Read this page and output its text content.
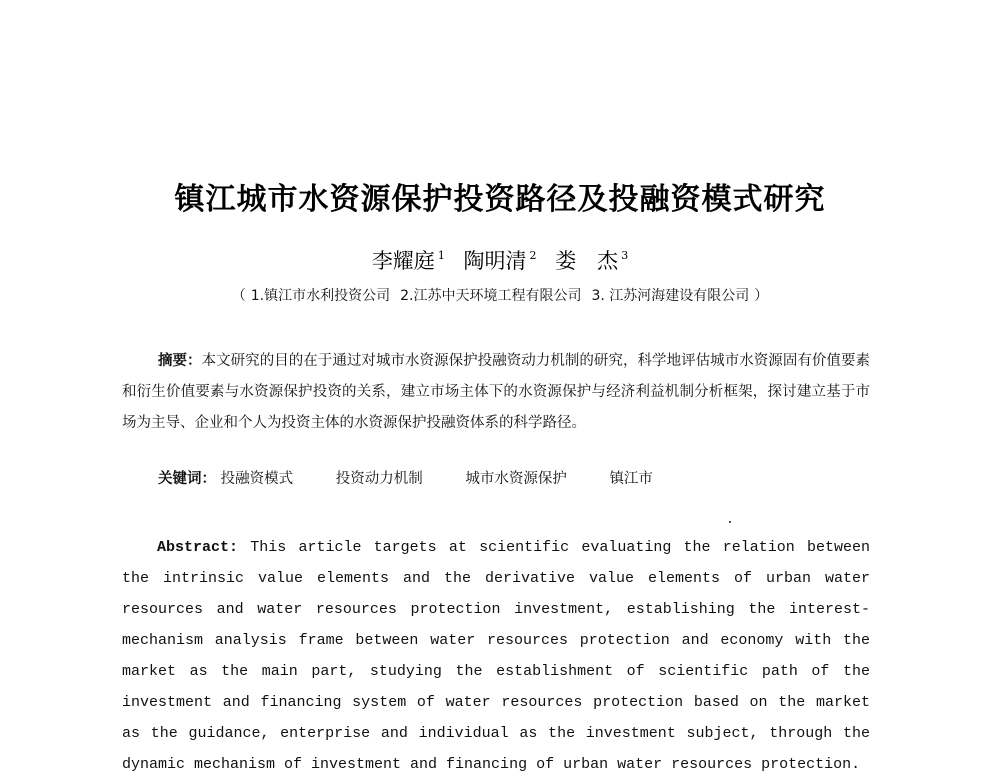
镇江城市水资源保护投资路径及投融资模式研究
李耀庭 $^1$ 陶明清 $^2$ 娄　杰 $^3$
（ 1.镇江市水利投资公司 2.江苏中天环境工程有限公司 3. 江苏河海建设有限公司 ）
摘要：本文研究的目的在于通过对城市水资源保护投融资动力机制的研究，科学地评估城市水资源固有价值要素和衍生价值要素与水资源保护投资的关系，建立市场主体下的水资源保护与经济利益机制分析框架，探讨建立基于市场为主导、企业和个人为投资主体的水资源保护投融资体系的科学路径。
关键词： 投融资模式	投资动力机制	城市水资源保护	镇江市
Abstract: This article targets at scientific evaluating the relation between the intrinsic value elements and the derivative value elements of urban water resources and water resources protection investment, establishing the interest-mechanism analysis frame between water resources protection and economy with the market as the main part, studying the establishment of scientific path of the investment and financing system of water resources protection based on the market as the guidance, enterprise and individual as the investment subject, through the dynamic mechanism of investment and financing of urban water resources protection.
